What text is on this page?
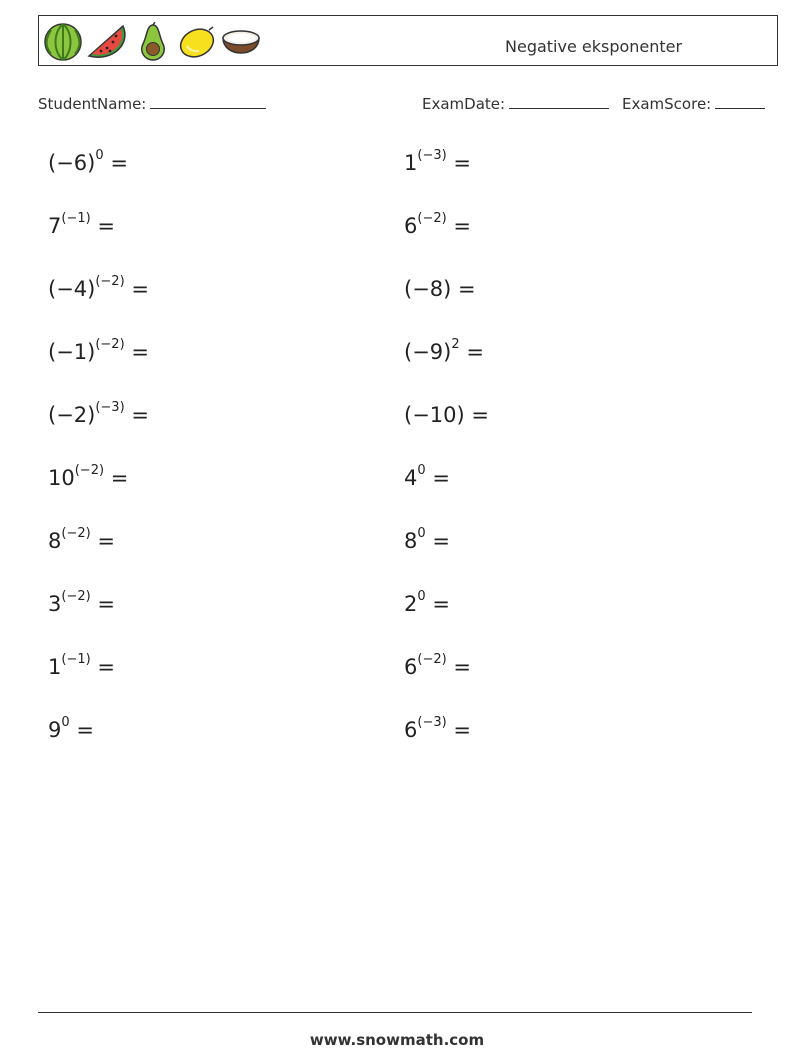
Negative eksponenter
StudentName:	ExamDate:	ExamScore:
$(-6)^0$ =
$7^{(-1)}$ =
$(-4)^{(-2)}$ =
$(-1)^{(-2)}$ =
$(-2)^{(-3)}$ =
$10^{(-2)}$ =
$8^{(-2)}$ =
$3^{(-2)}$ =
$1^{(-1)}$ =
$9^0$ =
$1^{(-3)}$ =
$6^{(-2)}$ =
(−8) =
$(-9)^2$ =
(−10) =
$4^0$ =
$8^0$ =
$2^0$ =
$6^{(-2)}$ =
$6^{(-3)}$ =
www.snowmath.com
